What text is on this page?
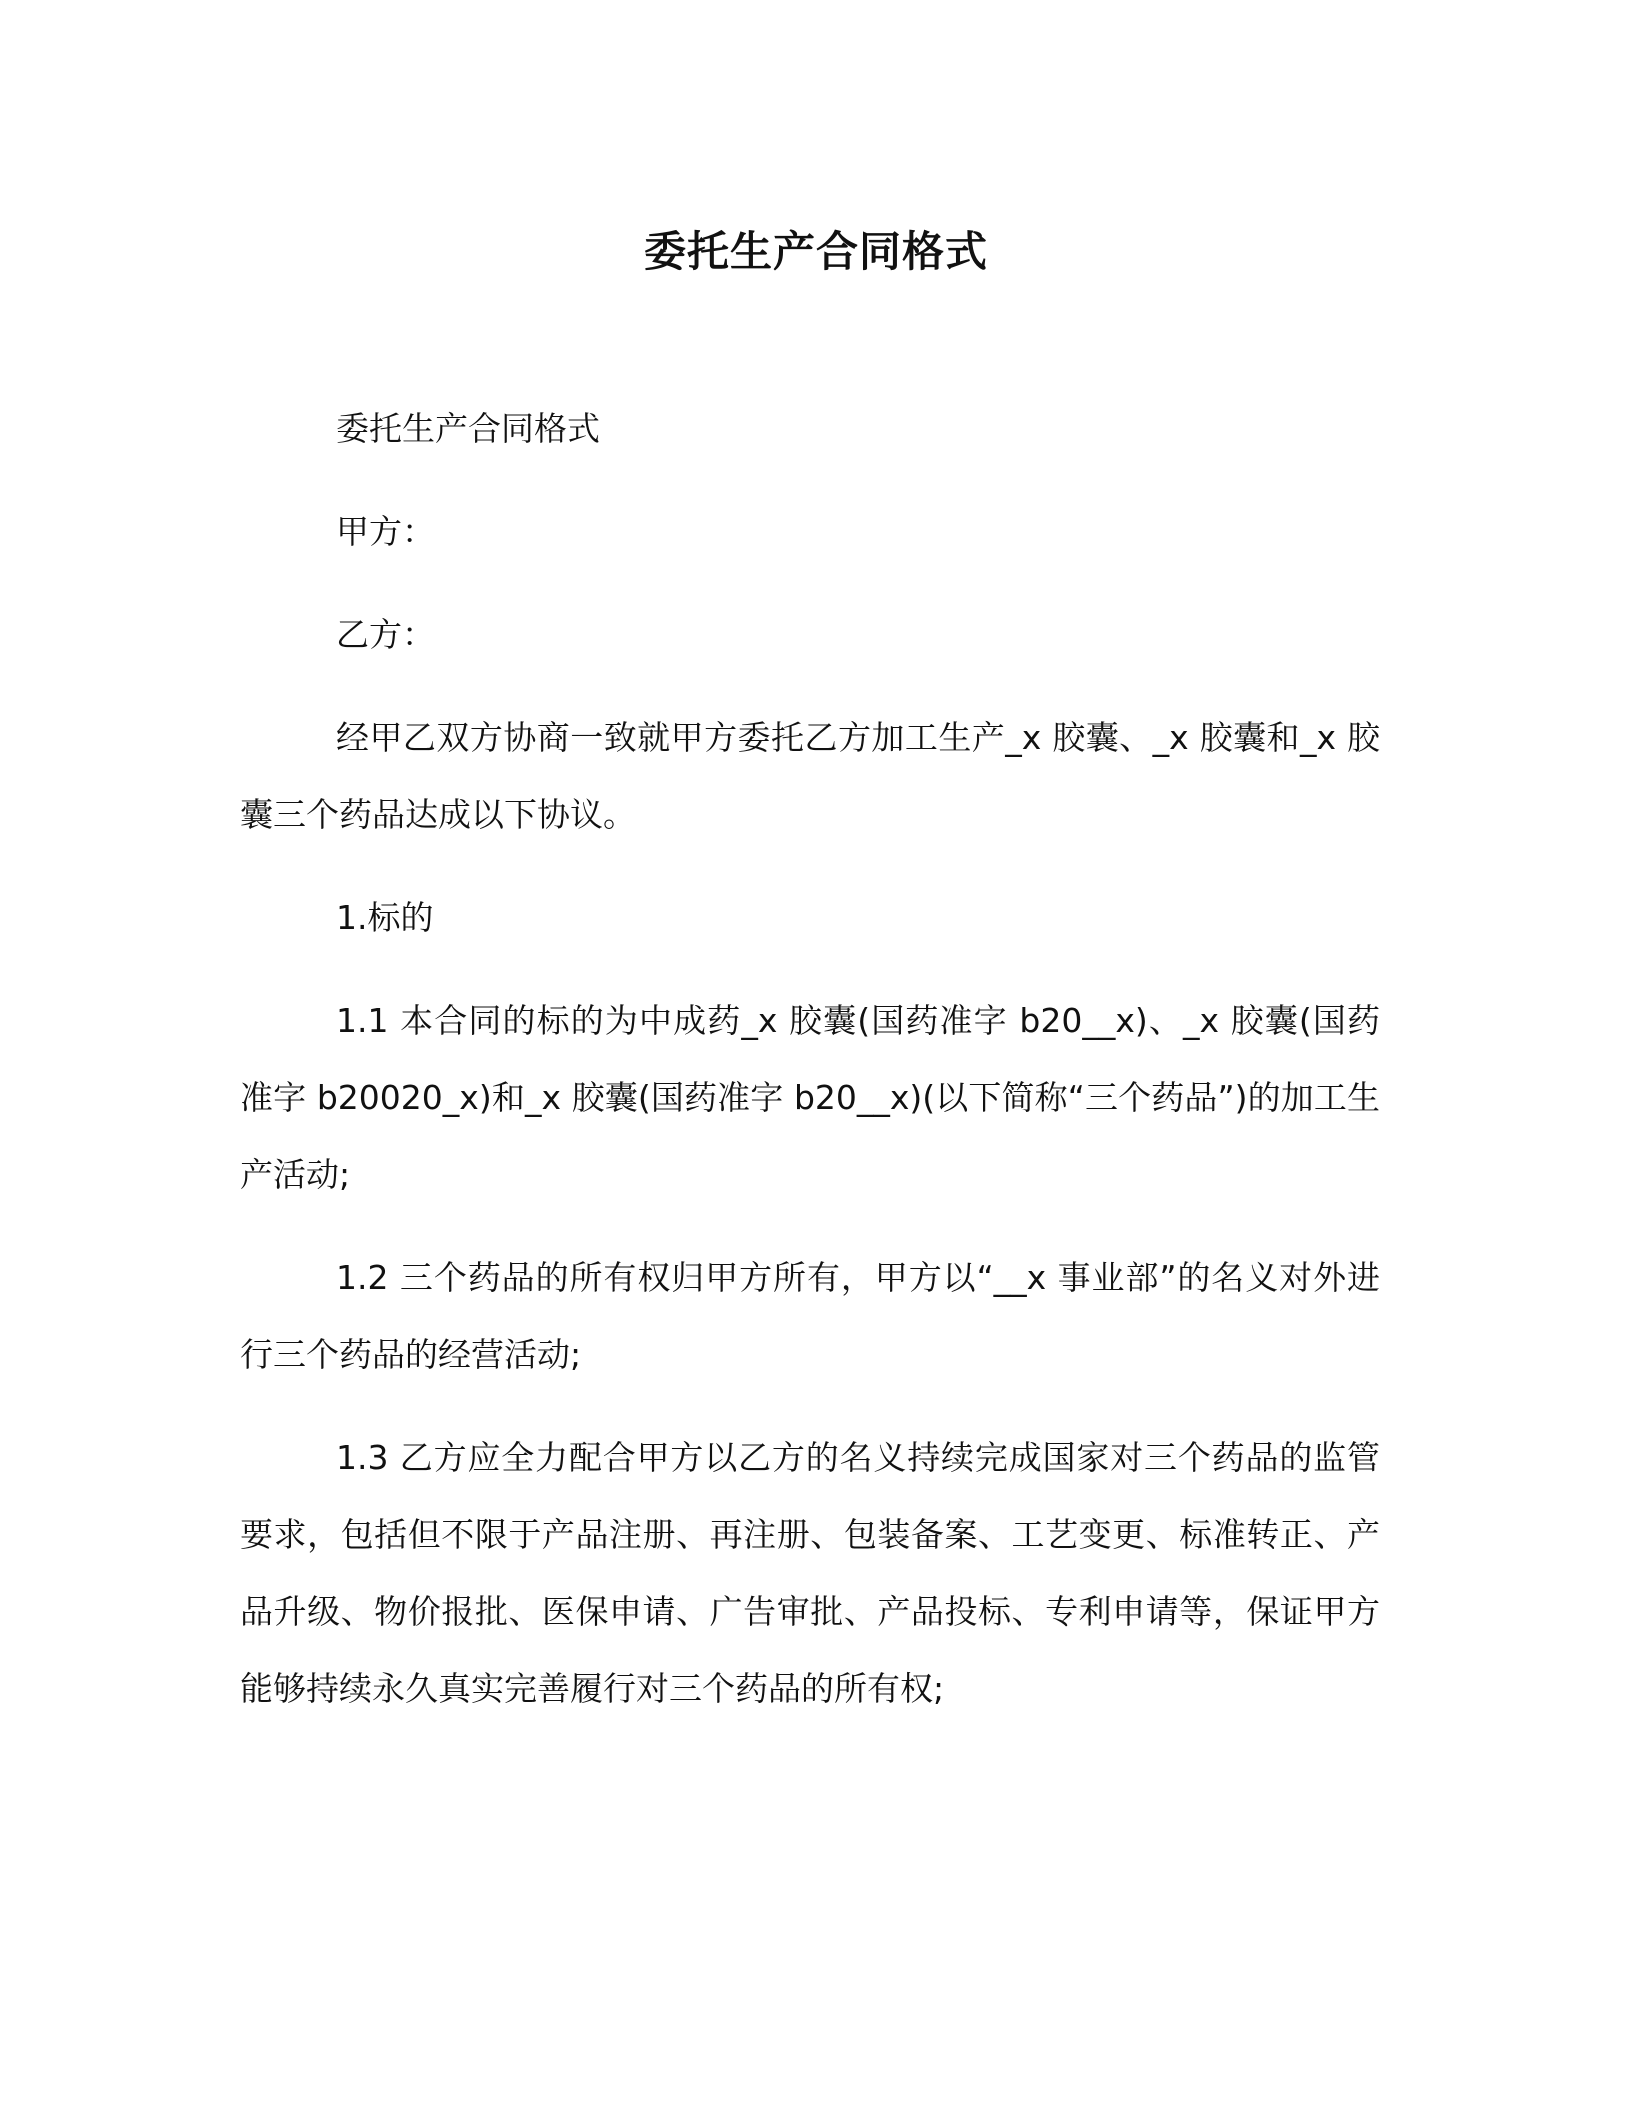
委托生产合同格式

委托生产合同格式

甲方：

乙方：

经甲乙双方协商一致就甲方委托乙方加工生产_x 胶囊、_x 胶囊和_x 胶囊三个药品达成以下协议。

1.标的

1.1 本合同的标的为中成药_x 胶囊(国药准字 b20__x)、_x 胶囊(国药准字 b20020_x)和_x 胶囊(国药准字 b20__x)(以下简称“三个药品”)的加工生产活动;

1.2 三个药品的所有权归甲方所有，甲方以“__x 事业部”的名义对外进行三个药品的经营活动;

1.3 乙方应全力配合甲方以乙方的名义持续完成国家对三个药品的监管要求，包括但不限于产品注册、再注册、包装备案、工艺变更、标准转正、产品升级、物价报批、医保申请、广告审批、产品投标、专利申请等，保证甲方能够持续永久真实完善履行对三个药品的所有权;
